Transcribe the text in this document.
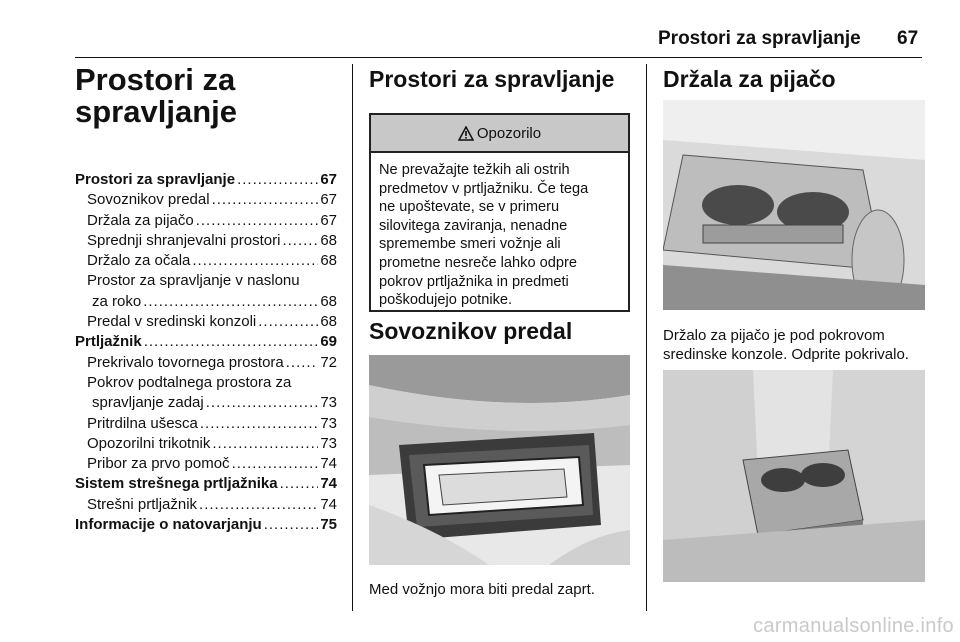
Prostori za spravljanje 67
Prostori za spravljanje
Prostori za spravljanje .....	67
Sovoznikov predal .....	67
Držala za pijačo .....	67
Sprednji shranjevalni prostori .....	68
Držalo za očala .....	68
Prostor za spravljanje v naslonu
za roko .....	68
Predal v sredinski konzoli .....	68
Prtljažnik .....	69
Prekrivalo tovornega prostora ..... 72
Pokrov podtalnega prostora za
spravljanje zadaj .....	73
Pritrdilna ušesca .....	73
Opozorilni trikotnik .....	73
Pribor za prvo pomoč .....	74
Sistem strešnega prtljažnika .....	74
Strešni prtljažnik .....	74
Informacije o natovarjanju .....	75
Prostori za spravljanje
Opozorilo
Ne prevažajte težkih ali ostrih
predmetov v prtljažniku. Če tega
ne upoštevate, se v primeru
silovitega zaviranja, nenadne
spremembe smeri vožnje ali
prometne nesreče lahko odpre
pokrov prtljažnika in predmeti
poškodujejo potnike.
Sovoznikov predal
Med vožnjo mora biti predal zaprt.
Držala za pijačo
Držalo za pijačo je pod pokrovom
sredinske konzole. Odprite pokrivalo.
carmanualsonline.info
